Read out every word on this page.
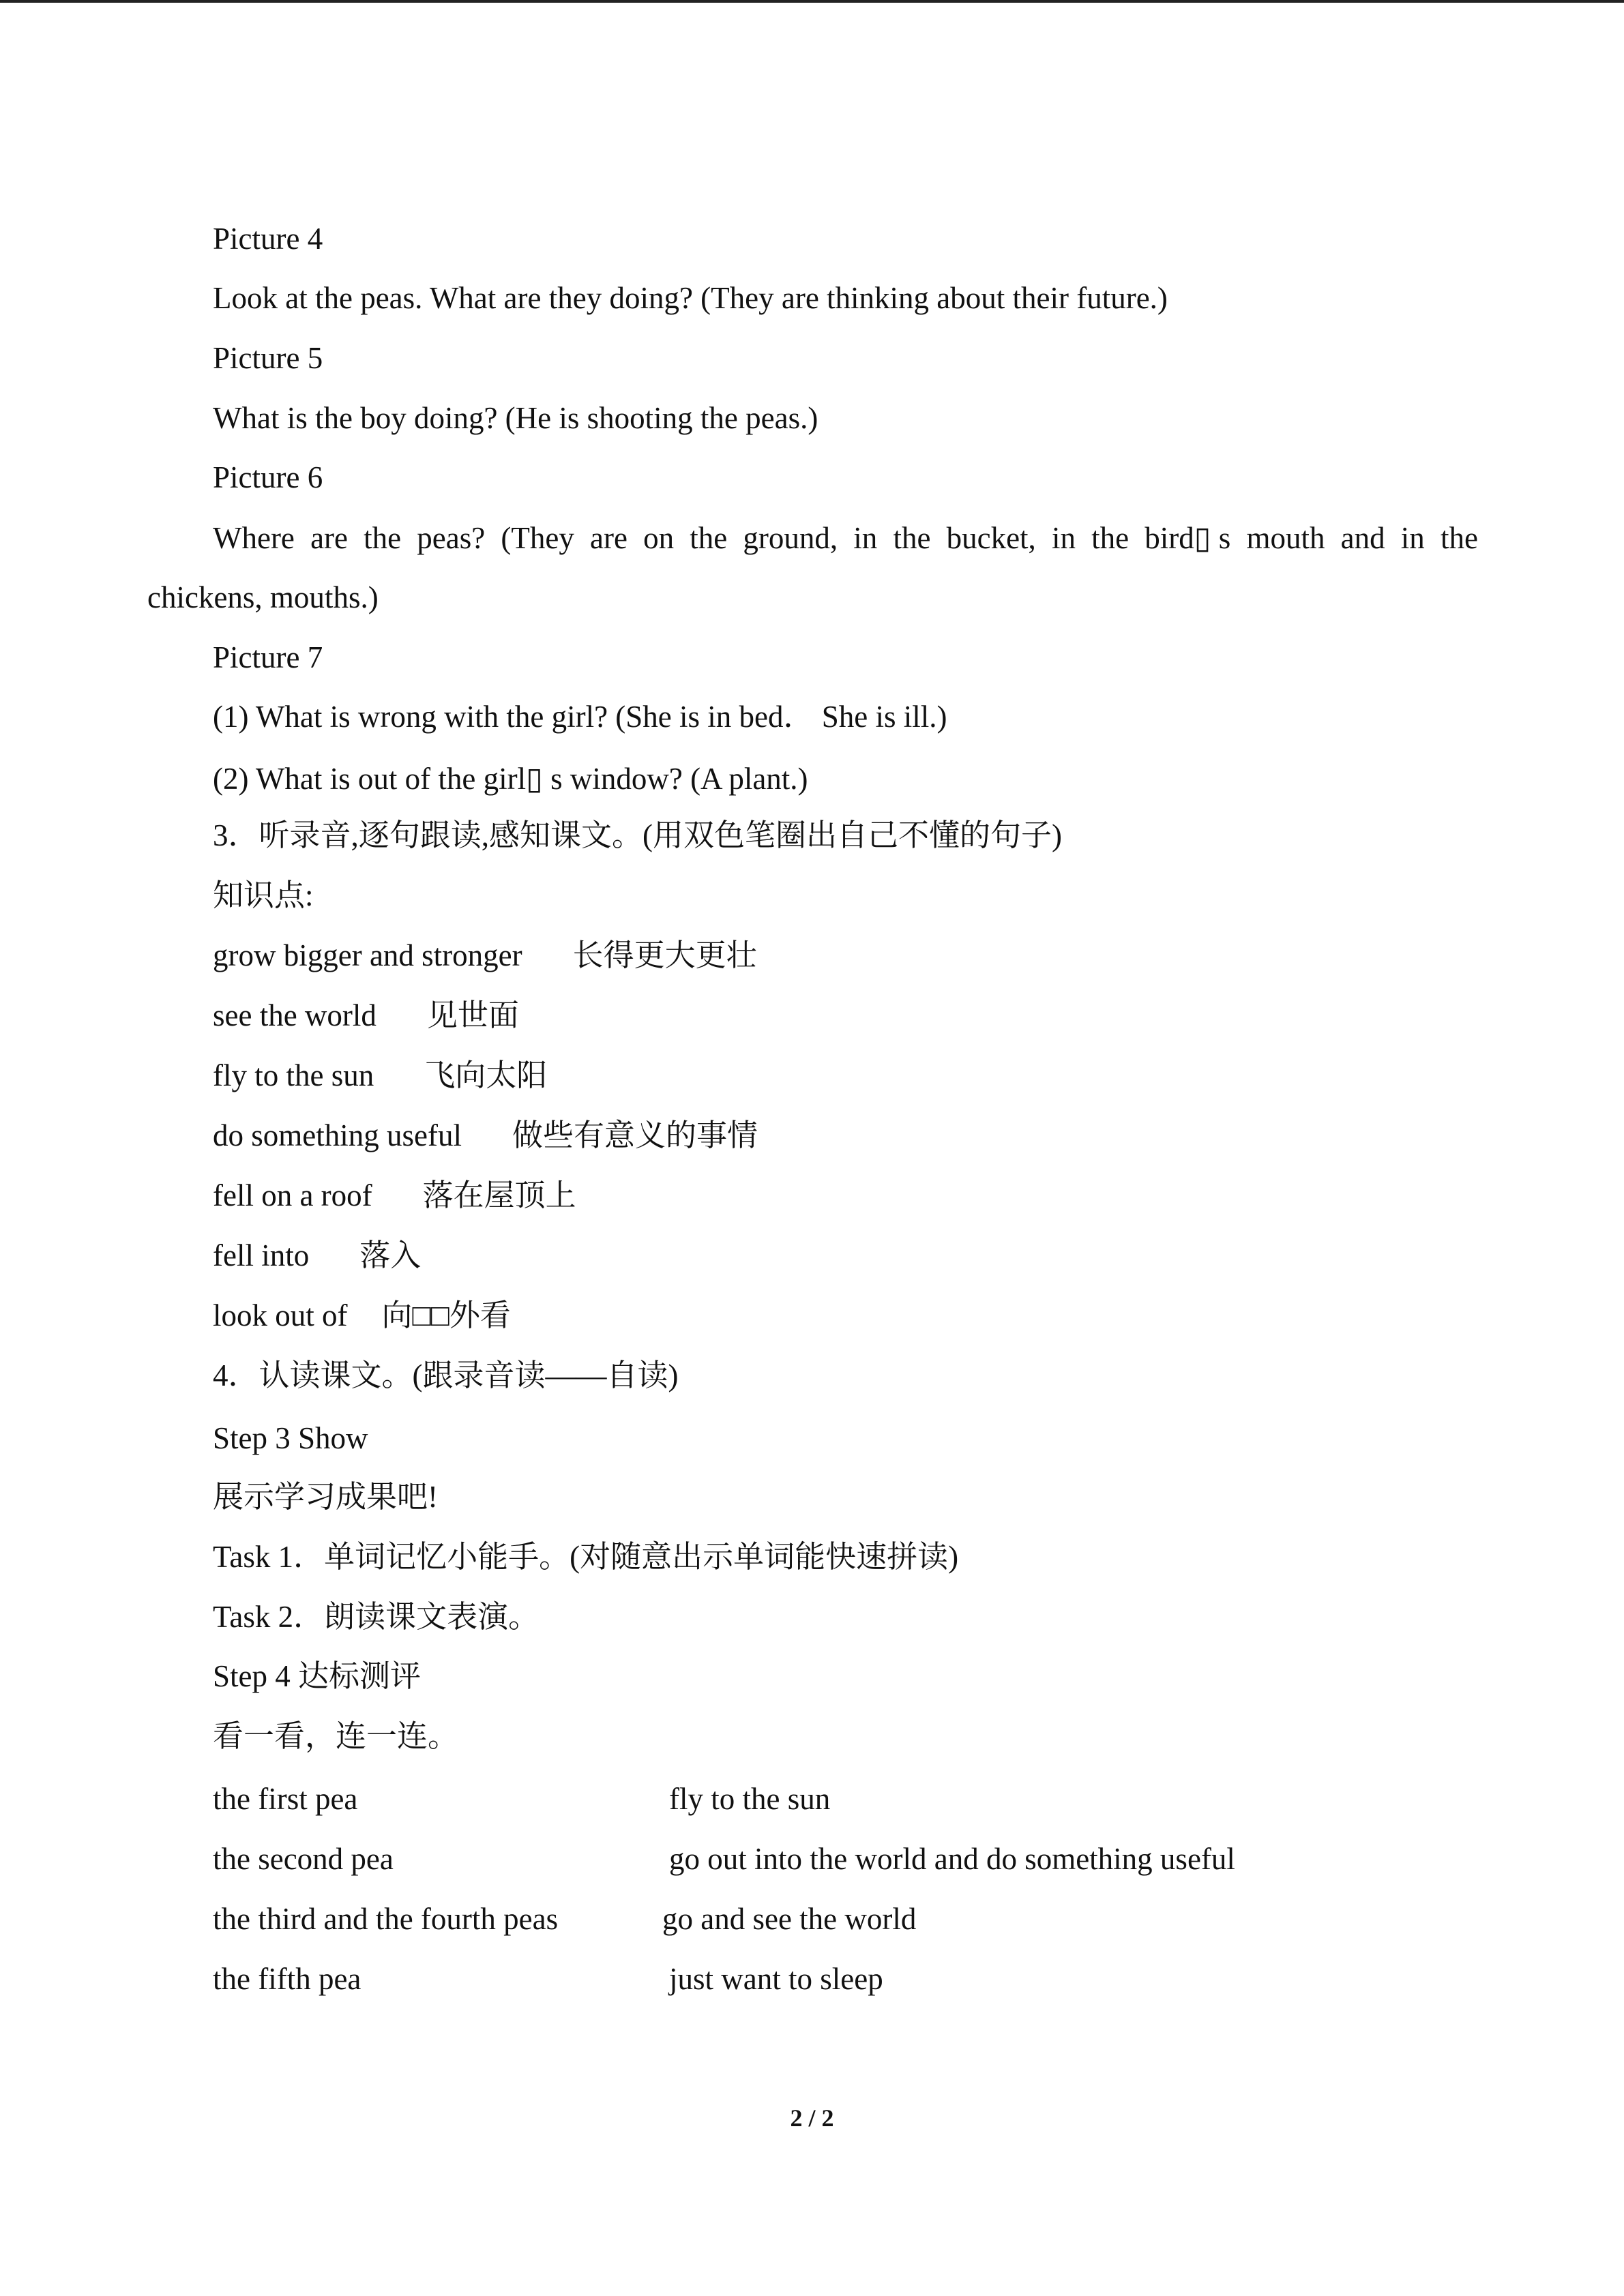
Picture 4
Look at the peas. What are they doing? (They are thinking about their future.)
Picture 5
What is the boy doing? (He is shooting the peas.)
Picture 6
Where are the peas? (They are on the ground, in the bucket, in the bird▯ s mouth and in the
chickens, mouths.)
Picture 7
(1) What is wrong with the girl? (She is in bed． She is ill.)
(2) What is out of the girl▯ s window? (A plant.)
3．听录音,逐句跟读,感知课文。(用双色笔圈出自己不懂的句子)
知识点:
grow bigger and stronger 长得更大更壮
see the world 见世面
fly to the sun 飞向太阳
do something useful 做些有意义的事情
fell on a roof 落在屋顶上
fell into 落入
look out of 向□□外看
4．认读课文。(跟录音读——自读)
Step 3 Show
展示学习成果吧!
Task 1．单词记忆小能手。(对随意出示单词能快速拼读)
Task 2．朗读课文表演。
Step 4 达标测评
看一看，连一连。
the first pea	fly to the sun
the second pea	go out into the world and do something useful
the third and the fourth peas	go and see the world
the fifth pea	just want to sleep
2 / 2
